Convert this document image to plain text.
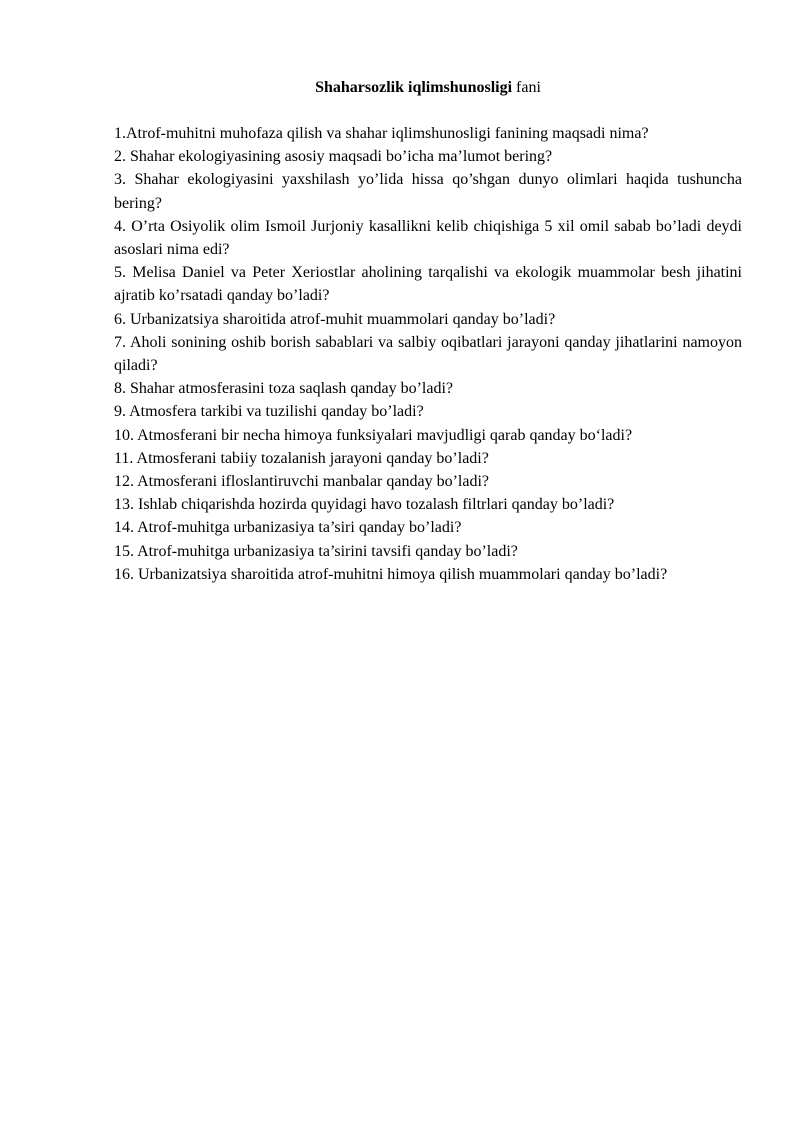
Shaharsozlik iqlimshunosligi fani

1.Atrof-muhitni muhofaza qilish va shahar iqlimshunosligi fanining maqsadi nima?
2. Shahar ekologiyasining asosiy maqsadi bo’icha ma’lumot bering?
3. Shahar ekologiyasini yaxshilash yo’lida hissa qo’shgan dunyo olimlari haqida tushuncha bering?
4. O’rta Osiyolik olim Ismoil Jurjoniy kasallikni kelib chiqishiga 5 xil omil sabab bo’ladi deydi asoslari nima edi?
5. Melisa Daniel va Peter Xeriostlar aholining tarqalishi va ekologik muammolar besh jihatini ajratib ko’rsatadi qanday bo’ladi?
6. Urbanizatsiya sharoitida atrof-muhit muammolari qanday bo’ladi?
7. Aholi sonining oshib borish sabablari va salbiy oqibatlari jarayoni qanday jihatlarini namoyon qiladi?
8. Shahar atmosferasini toza saqlash qanday bo’ladi?
9. Atmosfera tarkibi va tuzilishi qanday bo’ladi?
10. Atmosferani bir necha himoya funksiyalari mavjudligi qarab qanday bo‘ladi?
11. Atmosferani tabiiy tozalanish jarayoni qanday bo’ladi?
12. Atmosferani ifloslantiruvchi manbalar qanday bo’ladi?
13. Ishlab chiqarishda hozirda quyidagi havo tozalash filtrlari qanday bo’ladi?
14. Atrof-muhitga urbanizasiya ta’siri qanday bo’ladi?
15. Atrof-muhitga urbanizasiya ta’sirini tavsifi qanday bo’ladi?
16. Urbanizatsiya sharoitida atrof-muhitni himoya qilish muammolari qanday bo’ladi?
